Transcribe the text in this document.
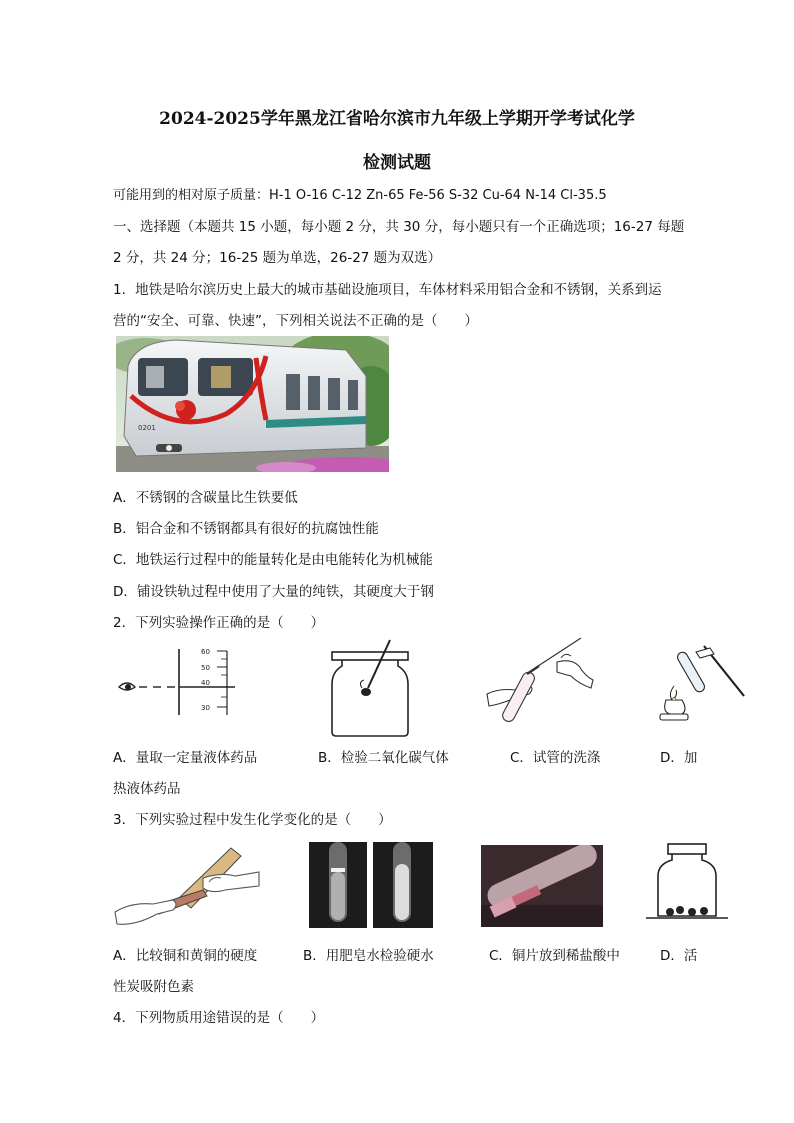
2024-2025学年黑龙江省哈尔滨市九年级上学期开学考试化学
检测试题
可能用到的相对原子质量：H-1 O-16 C-12 Zn-65 Fe-56 S-32 Cu-64 N-14 Cl-35.5
一、选择题（本题共 15 小题，每小题 2 分，共 30 分，每小题只有一个正确选项；16-27 每题
2 分，共 24 分；16-25 题为单选，26-27 题为双选）
1．地铁是哈尔滨历史上最大的城市基础设施项目，车体材料采用铝合金和不锈钢，关系到运
营的“安全、可靠、快速”，下列相关说法不正确的是（　　）
0201
A．不锈钢的含碳量比生铁要低
B．铝合金和不锈钢都具有很好的抗腐蚀性能
C．地铁运行过程中的能量转化是由电能转化为机械能
D．铺设铁轨过程中使用了大量的纯铁，其硬度大于钢
2．下列实验操作正确的是（　　）
60
50
40
30
A．量取一定量液体药品	B．检验二氧化碳气体	C．试管的洗涤	D．加
热液体药品
3．下列实验过程中发生化学变化的是（　　）
A．比较铜和黄铜的硬度	B．用肥皂水检验硬水	C．铜片放到稀盐酸中	D．活
性炭吸附色素
4．下列物质用途错误的是（　　）
